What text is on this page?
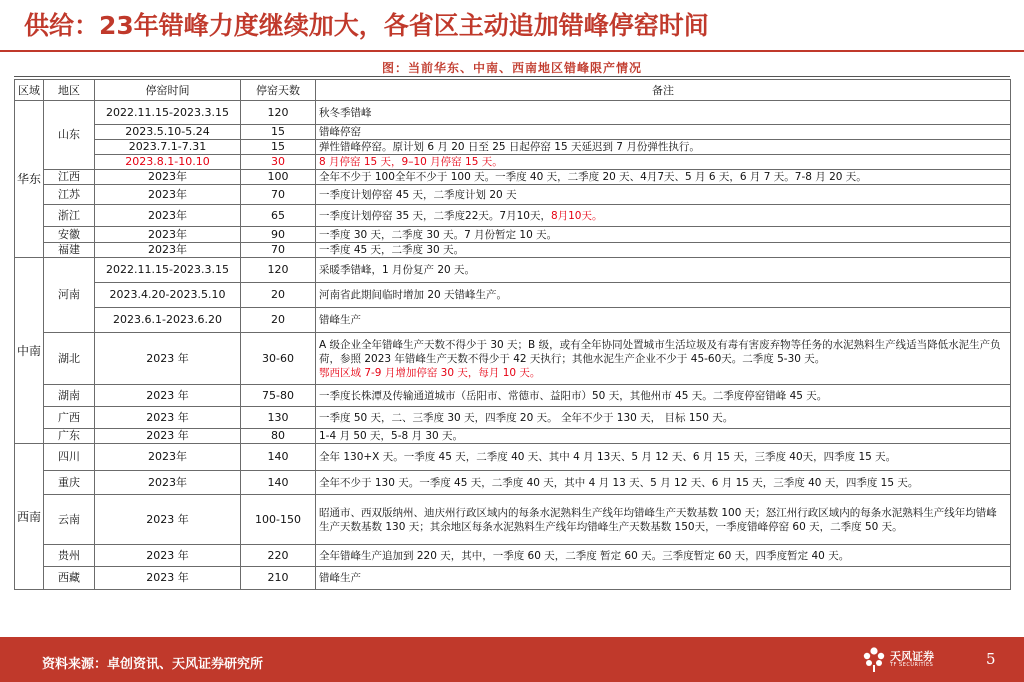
供给：23年错峰力度继续加大，各省区主动追加错峰停窑时间
图：当前华东、中南、西南地区错峰限产情况
区域	地区	停窑时间	停窑天数	备注
华东	山东	2022.11.15-2023.3.15	120	秋冬季错峰
		2023.5.10-5.24	15	错峰停窑
		2023.7.1-7.31	15	弹性错峰停窑。原计划 6 月 20 日至 25 日起停窑 15 天延迟到 7 月份弹性执行。
		2023.8.1-10.10	30	8 月停窑 15 天，9–10 月停窑 15 天。
	江西	2023年	100	全年不少于 100全年不少于 100 天。一季度 40 天，二季度 20 天、4月7天、5 月 6 天，6 月 7 天。7-8 月 20 天。
	江苏	2023年	70	一季度计划停窑 45 天，二季度计划 20 天
	浙江	2023年	65	一季度计划停窑 35 天，二季度22天。7月10天，8月10天。
	安徽	2023年	90	一季度 30 天，二季度 30 天。7 月份暂定 10 天。
	福建	2023年	70	一季度 45 天，二季度 30 天。
中南	河南	2022.11.15-2023.3.15	120	采暖季错峰，1 月份复产 20 天。
		2023.4.20-2023.5.10	20	河南省此期间临时增加 20 天错峰生产。
		2023.6.1-2023.6.20	20	错峰生产
	湖北	2023 年	30-60	A 级企业全年错峰生产天数不得少于 30 天；B 级，或有全年协同处置城市生活垃圾及有毒有害废弃物等任务的水泥熟料生产线适当降低水泥生产负荷，参照 2023 年错峰生产天数不得少于 42 天执行；其他水泥生产企业不少于 45-60天。二季度 5-30 天。
鄂西区域 7-9 月增加停窑 30 天，每月 10 天。
	湖南	2023 年	75-80	一季度长株潭及传输通道城市（岳阳市、常德市、益阳市）50 天，其他州市 45 天。二季度停窑错峰 45 天。
	广西	2023 年	130	一季度 50 天，二、三季度 30 天，四季度 20 天。 全年不少于 130 天， 目标 150 天。
	广东	2023 年	80	1-4 月 50 天，5-8 月 30 天。
西南	四川	2023年	140	全年 130+X 天。一季度 45 天，二季度 40 天、其中 4 月 13天、5 月 12 天、6 月 15 天，三季度 40天，四季度 15 天。
	重庆	2023年	140	全年不少于 130 天。一季度 45 天，二季度 40 天，其中 4 月 13 天、5 月 12 天、6 月 15 天，三季度 40 天，四季度 15 天。
	云南	2023 年	100-150	昭通市、西双版纳州、迪庆州行政区域内的每条水泥熟料生产线年均错峰生产天数基数 100 天；怒江州行政区域内的每条水泥熟料生产线年均错峰生产天数基数 130 天；其余地区每条水泥熟料生产线年均错峰生产天数基数 150天，一季度错峰停窑 60 天，二季度 50 天。
	贵州	2023 年	220	全年错峰生产追加到 220 天，其中，一季度 60 天，二季度 暂定 60 天。三季度暂定 60 天，四季度暂定 40 天。
	西藏	2023 年	210	错峰生产
资料来源：卓创资讯、天风证券研究所
天风证券
TF SECURITIES	5
